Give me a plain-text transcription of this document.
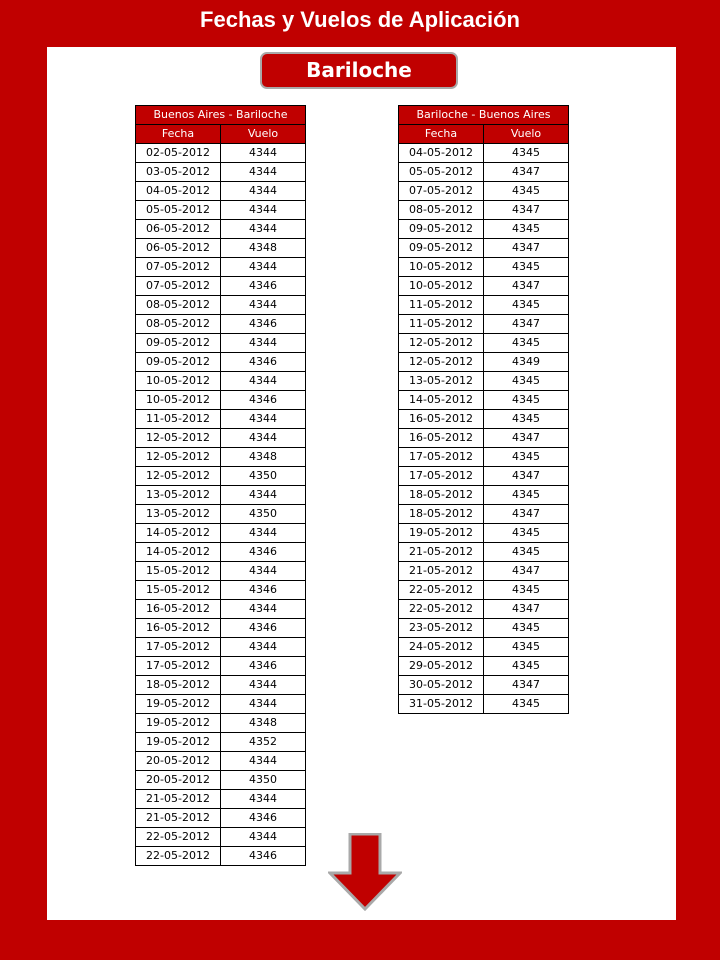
Fechas y Vuelos de Aplicación
Bariloche
Buenos Aires - Bariloche	
Fecha	Vuelo
02-05-2012	4344
03-05-2012	4344
04-05-2012	4344
05-05-2012	4344
06-05-2012	4344
06-05-2012	4348
07-05-2012	4344
07-05-2012	4346
08-05-2012	4344
08-05-2012	4346
09-05-2012	4344
09-05-2012	4346
10-05-2012	4344
10-05-2012	4346
11-05-2012	4344
12-05-2012	4344
12-05-2012	4348
12-05-2012	4350
13-05-2012	4344
13-05-2012	4350
14-05-2012	4344
14-05-2012	4346
15-05-2012	4344
15-05-2012	4346
16-05-2012	4344
16-05-2012	4346
17-05-2012	4344
17-05-2012	4346
18-05-2012	4344
19-05-2012	4344
19-05-2012	4348
19-05-2012	4352
20-05-2012	4344
20-05-2012	4350
21-05-2012	4344
21-05-2012	4346
22-05-2012	4344
22-05-2012	4346
Bariloche - Buenos Aires	
Fecha	Vuelo
04-05-2012	4345
05-05-2012	4347
07-05-2012	4345
08-05-2012	4347
09-05-2012	4345
09-05-2012	4347
10-05-2012	4345
10-05-2012	4347
11-05-2012	4345
11-05-2012	4347
12-05-2012	4345
12-05-2012	4349
13-05-2012	4345
14-05-2012	4345
16-05-2012	4345
16-05-2012	4347
17-05-2012	4345
17-05-2012	4347
18-05-2012	4345
18-05-2012	4347
19-05-2012	4345
21-05-2012	4345
21-05-2012	4347
22-05-2012	4345
22-05-2012	4347
23-05-2012	4345
24-05-2012	4345
29-05-2012	4345
30-05-2012	4347
31-05-2012	4345
